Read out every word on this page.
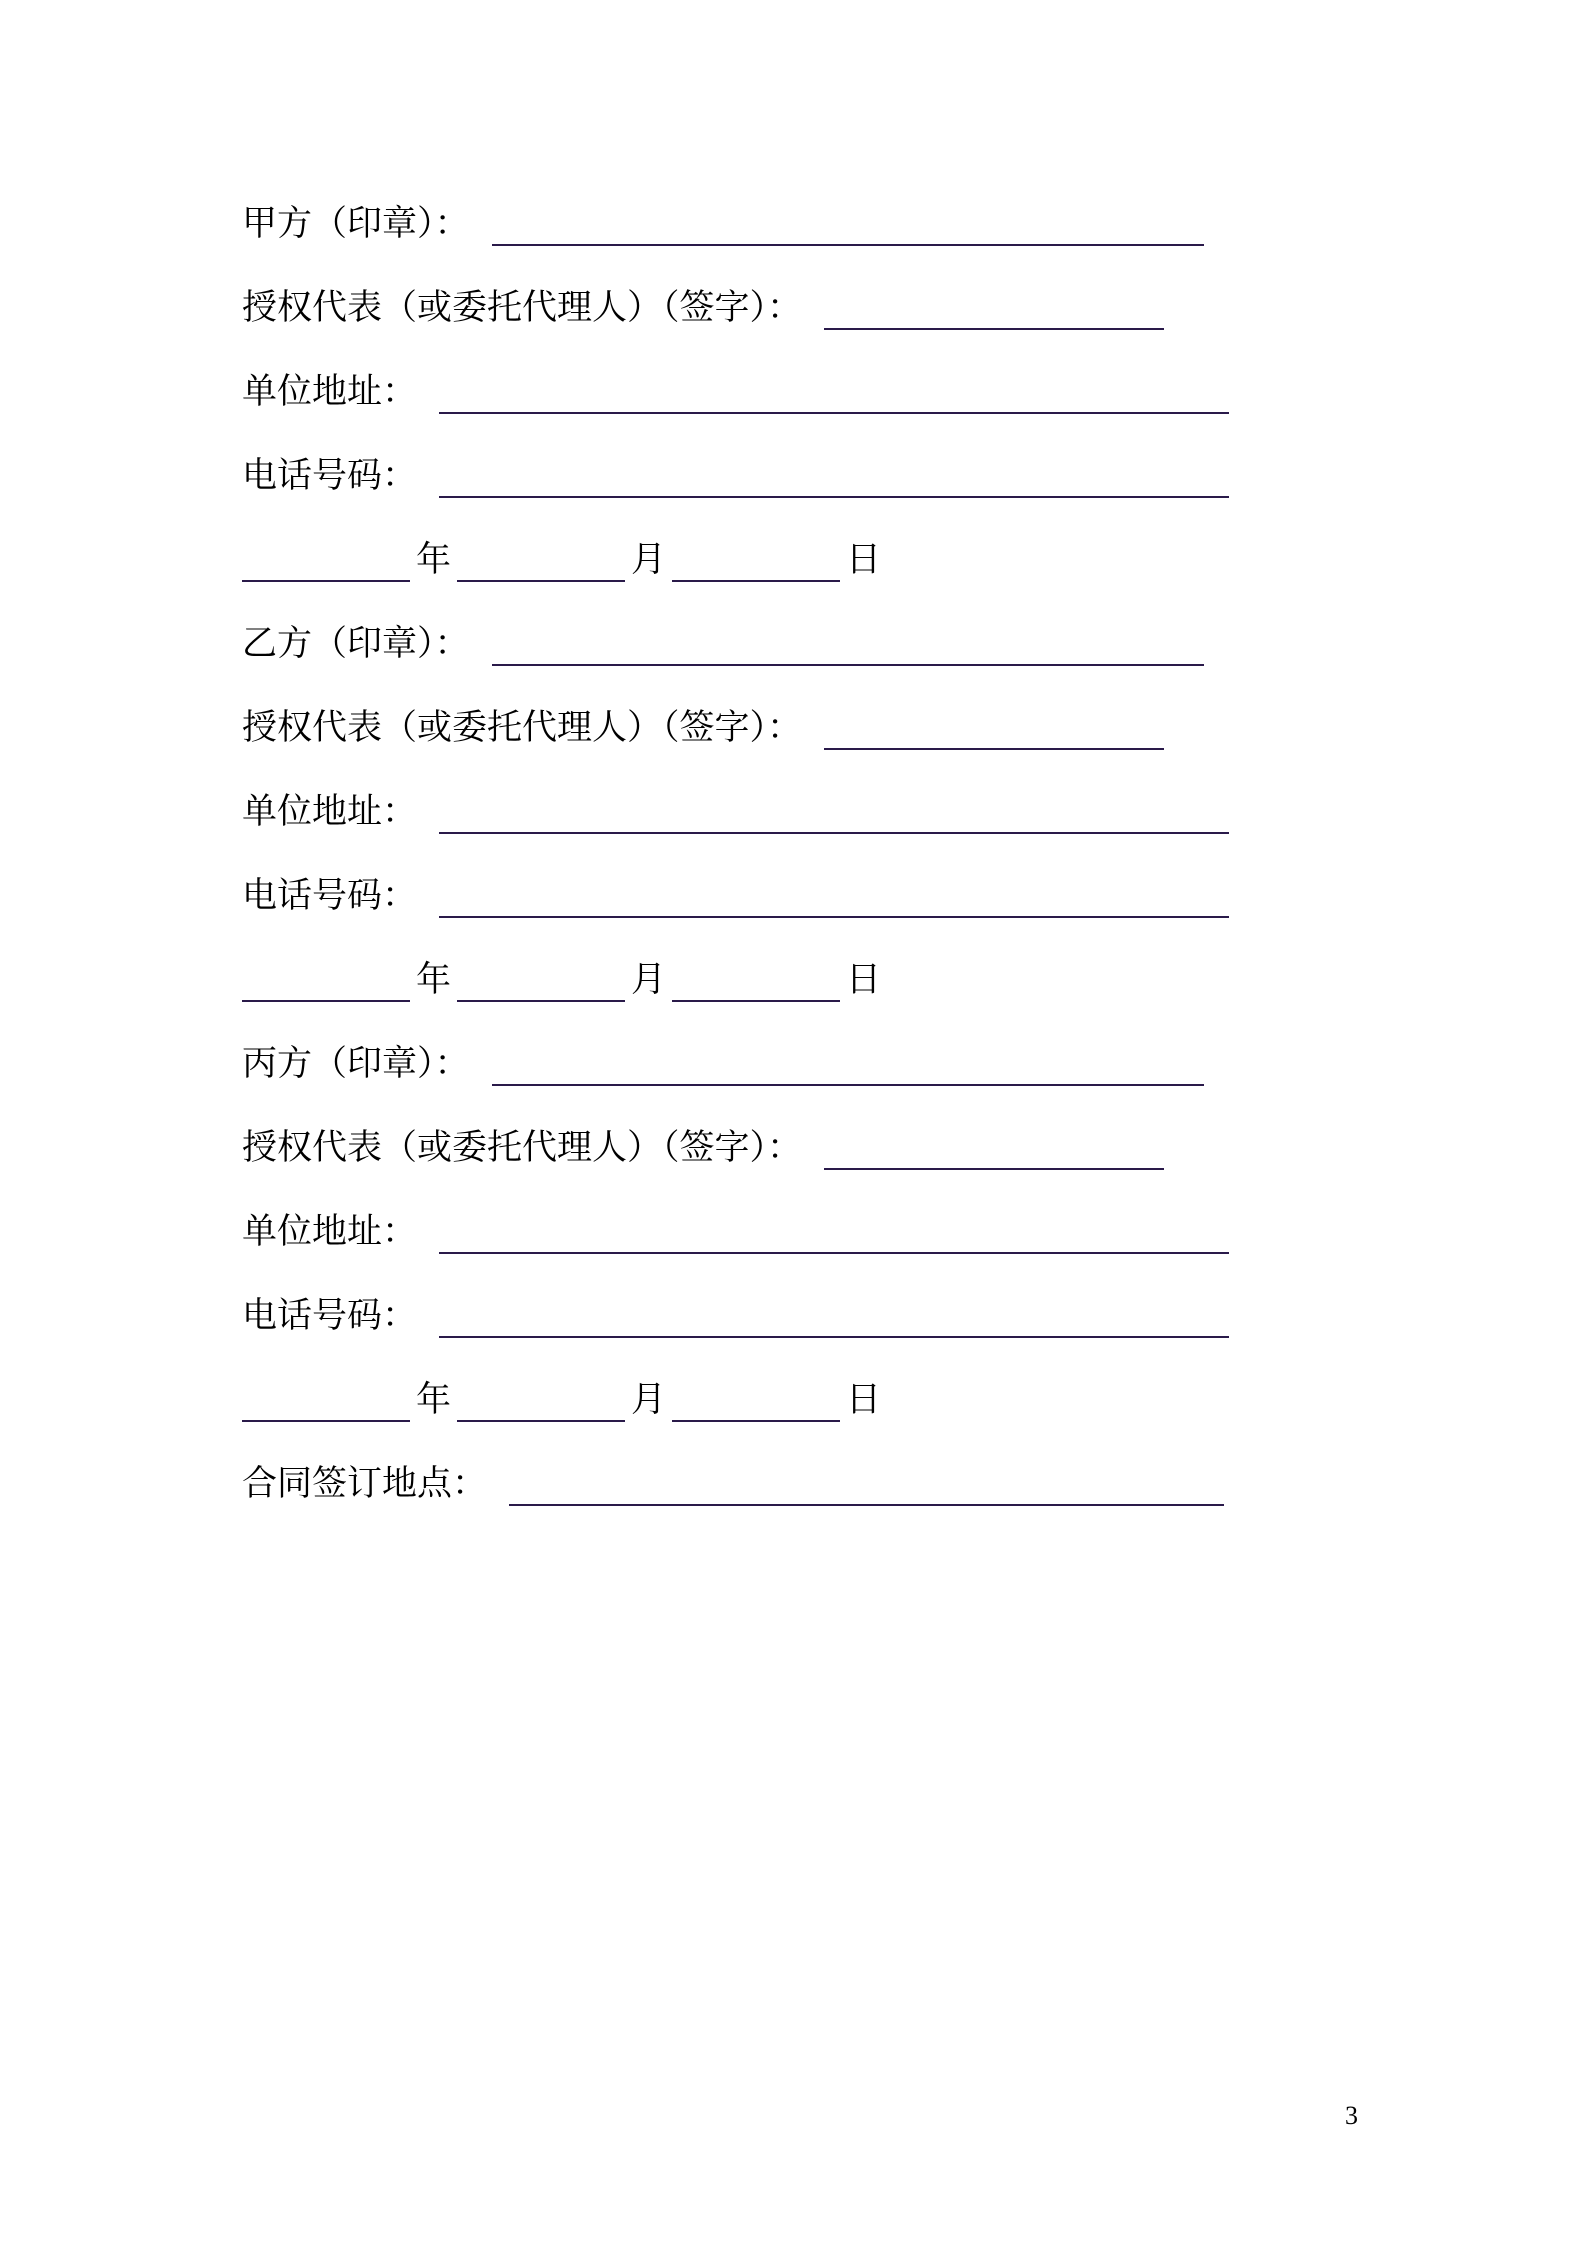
甲方（印章）：
授权代表（或委托代理人）（签字）：
单位地址：
电话号码：
年	月	日
乙方（印章）：
授权代表（或委托代理人）（签字）：
单位地址：
电话号码：
年	月	日
丙方（印章）：
授权代表（或委托代理人）（签字）：
单位地址：
电话号码：
年	月	日
合同签订地点：
3
